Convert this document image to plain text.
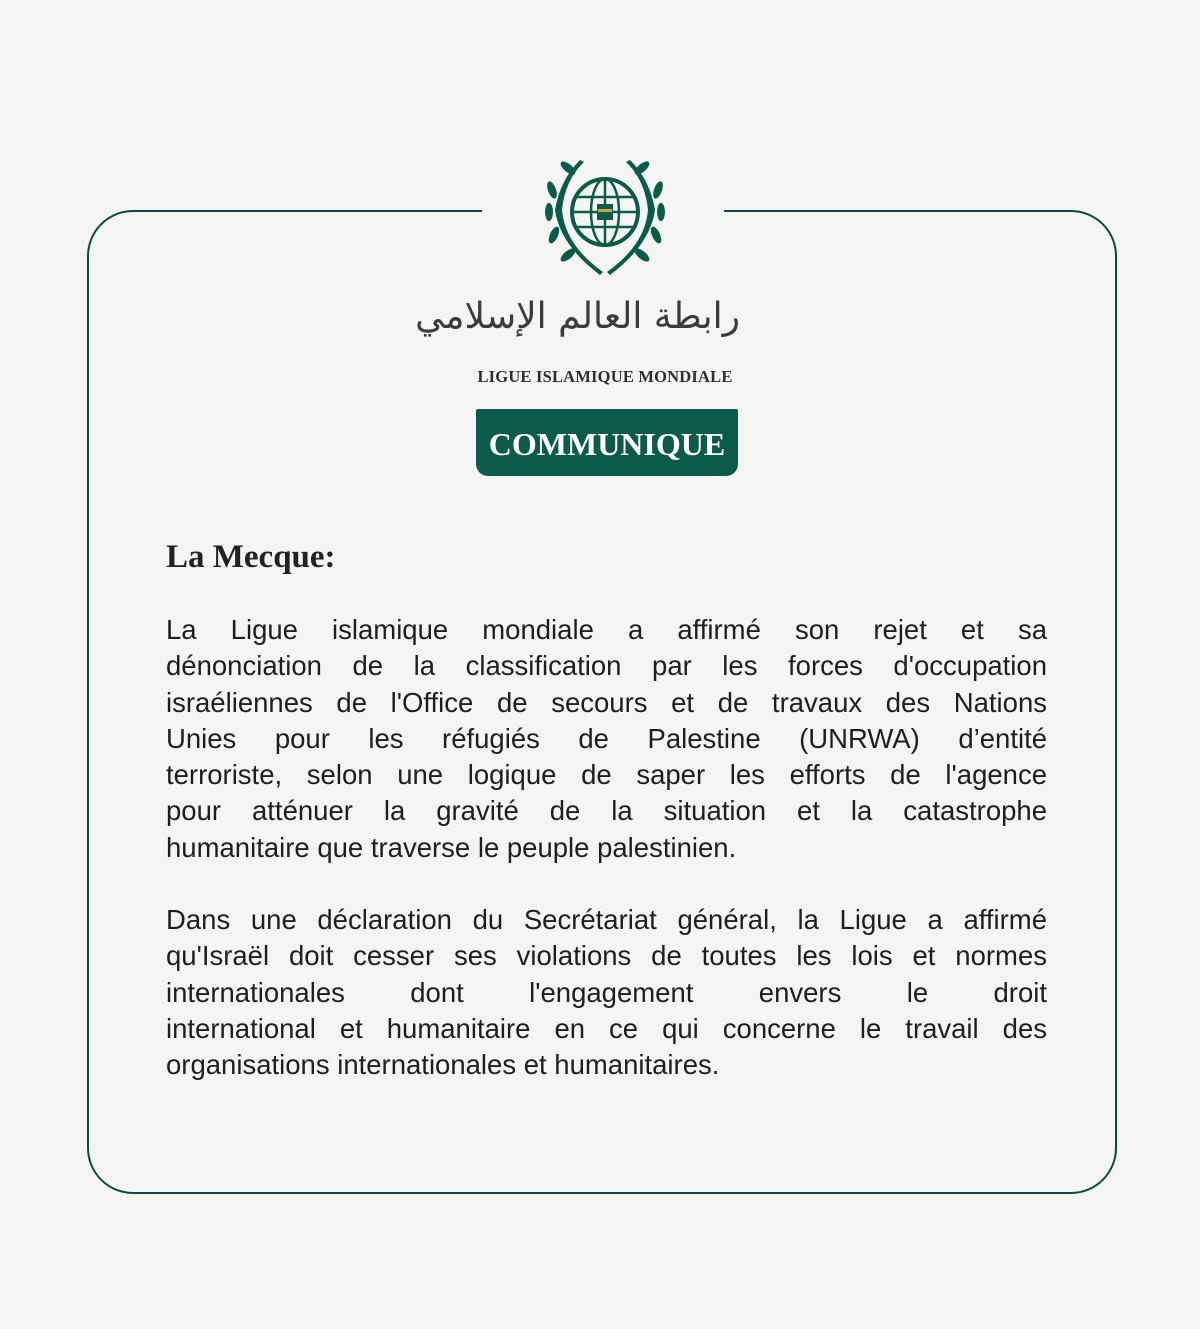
رابطة العالم الإسلامي
LIGUE ISLAMIQUE MONDIALE
COMMUNIQUE
La Mecque:
La Ligue islamique mondiale a affirmé son rejet et sa
dénonciation de la classification par les forces d'occupation
israéliennes de l'Office de secours et de travaux des Nations
Unies pour les réfugiés de Palestine (UNRWA) d’entité
terroriste, selon une logique de saper les efforts de l'agence
pour atténuer la gravité de la situation et la catastrophe
humanitaire que traverse le peuple palestinien.
Dans une déclaration du Secrétariat général, la Ligue a affirmé
qu'Israël doit cesser ses violations de toutes les lois et normes
internationales dont l'engagement envers le droit
international et humanitaire en ce qui concerne le travail des
organisations internationales et humanitaires.
